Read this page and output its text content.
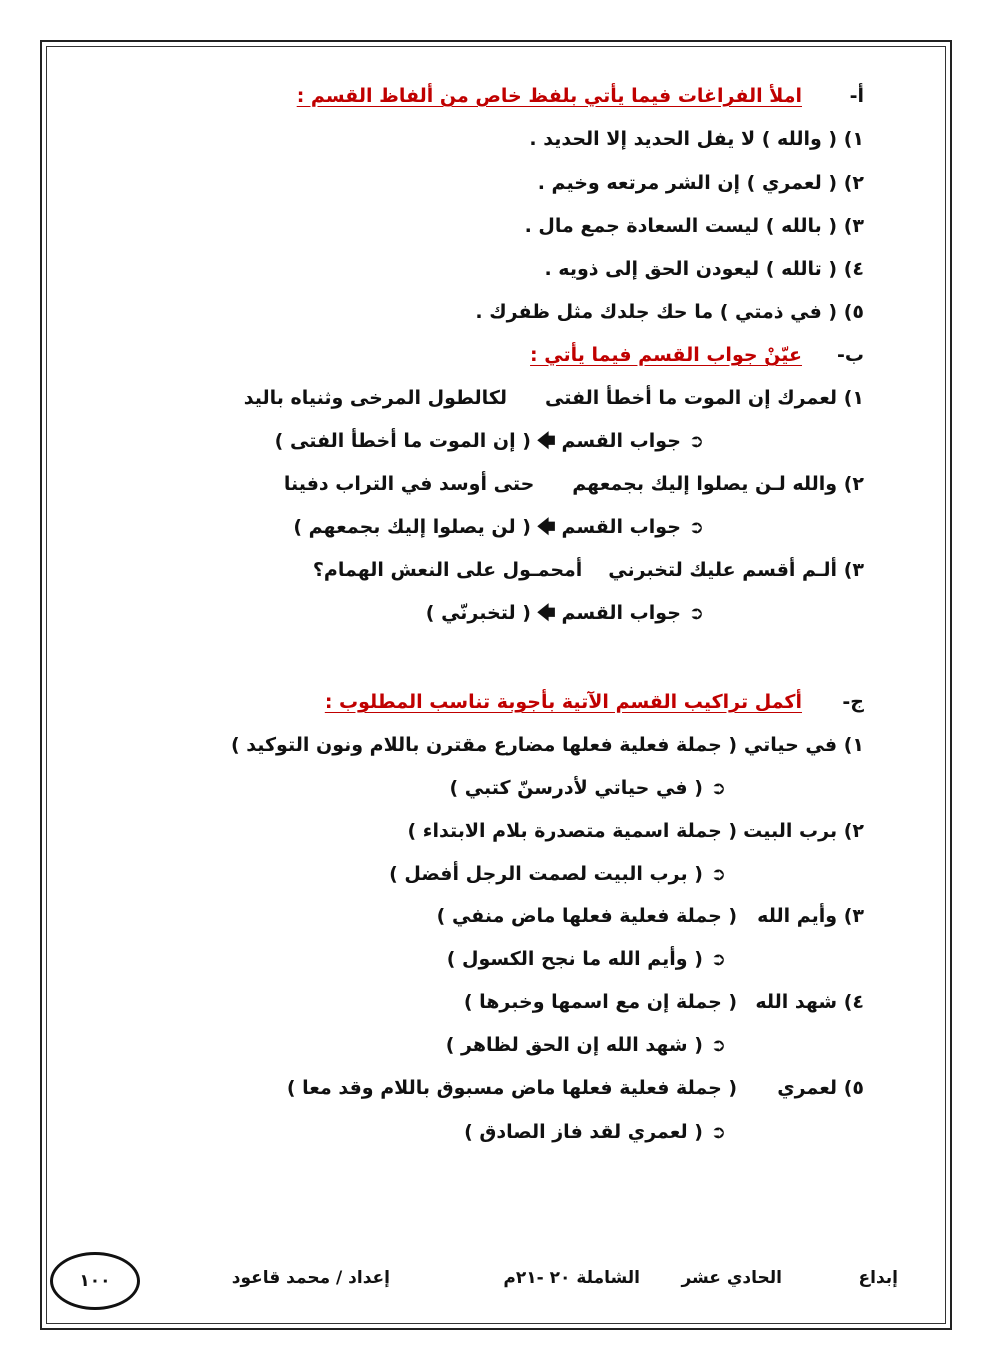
أ-املأ الفراغات فيما يأتي بلفظ خاص من ألفاظ القسم :
١) ( والله ) لا يفل الحديد إلا الحديد .
٢) ( لعمري ) إن الشر مرتعه وخيم .
٣) ( بالله ) ليست السعادة جمع مال .
٤) ( تالله ) ليعودن الحق إلى ذويه .
٥) ( في ذمتي ) ما حك جلدك مثل ظفرك .
ب-عيّنْ جواب القسم فيما يأتي :
١) لعمرك إن الموت ما أخطأ الفتىلكالطول المرخى وثنياه باليد
➲جواب القسم🡄( إن الموت ما أخطأ الفتى )
٢) والله لـن يصلوا إليك بجمعهمحتى أوسد في التراب دفينا
➲جواب القسم🡄( لن يصلوا إليك بجمعهم )
٣) ألـم أقسم عليك لتخبرنيأمحمـول على النعش الهمام؟
➲جواب القسم🡄( لتخبرنّي )
ج-أكمل تراكيب القسم الآتية بأجوبة تناسب المطلوب :
١) في حياتي( جملة فعلية فعلها مضارع مقترن باللام ونون التوكيد )
➲( في حياتي لأدرسنّ كتبي )
٢) برب البيت( جملة اسمية متصدرة بلام الابتداء )
➲( برب البيت لصمت الرجل أفضل )
٣) وأيم الله( جملة فعلية فعلها ماض منفي )
➲( وأيم الله ما نجح الكسول )
٤) شهد الله( جملة إن مع اسمها وخبرها )
➲( شهد الله إن الحق لظاهر )
٥) لعمري( جملة فعلية فعلها ماض مسبوق باللام وقد معا )
➲( لعمري لقد فاز الصادق )
إبداع
الحادي عشر
الشاملة ٢٠ -٢١م
إعداد / محمد قاعود
١٠٠
